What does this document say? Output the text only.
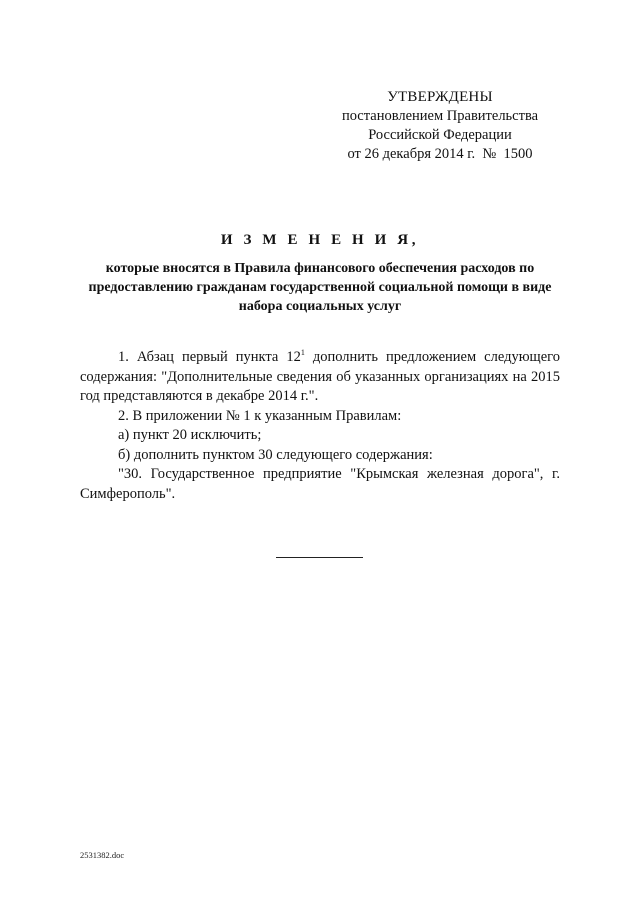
УТВЕРЖДЕНЫ
постановлением Правительства
Российской Федерации
от 26 декабря 2014 г.  №  1500
И З М Е Н Е Н И Я,
которые вносятся в Правила финансового обеспечения расходов по предоставлению гражданам государственной социальной помощи в виде набора социальных услуг

1. Абзац первый пункта $12^1$ дополнить предложением следующего содержания: "Дополнительные сведения об указанных организациях на 2015 год представляются в декабре 2014 г.".

2. В приложении № 1 к указанным Правилам:

а) пункт 20 исключить;

б) дополнить пунктом 30 следующего содержания:

"30. Государственное предприятие "Крымская железная дорога", г. Симферополь".

2531382.doc
